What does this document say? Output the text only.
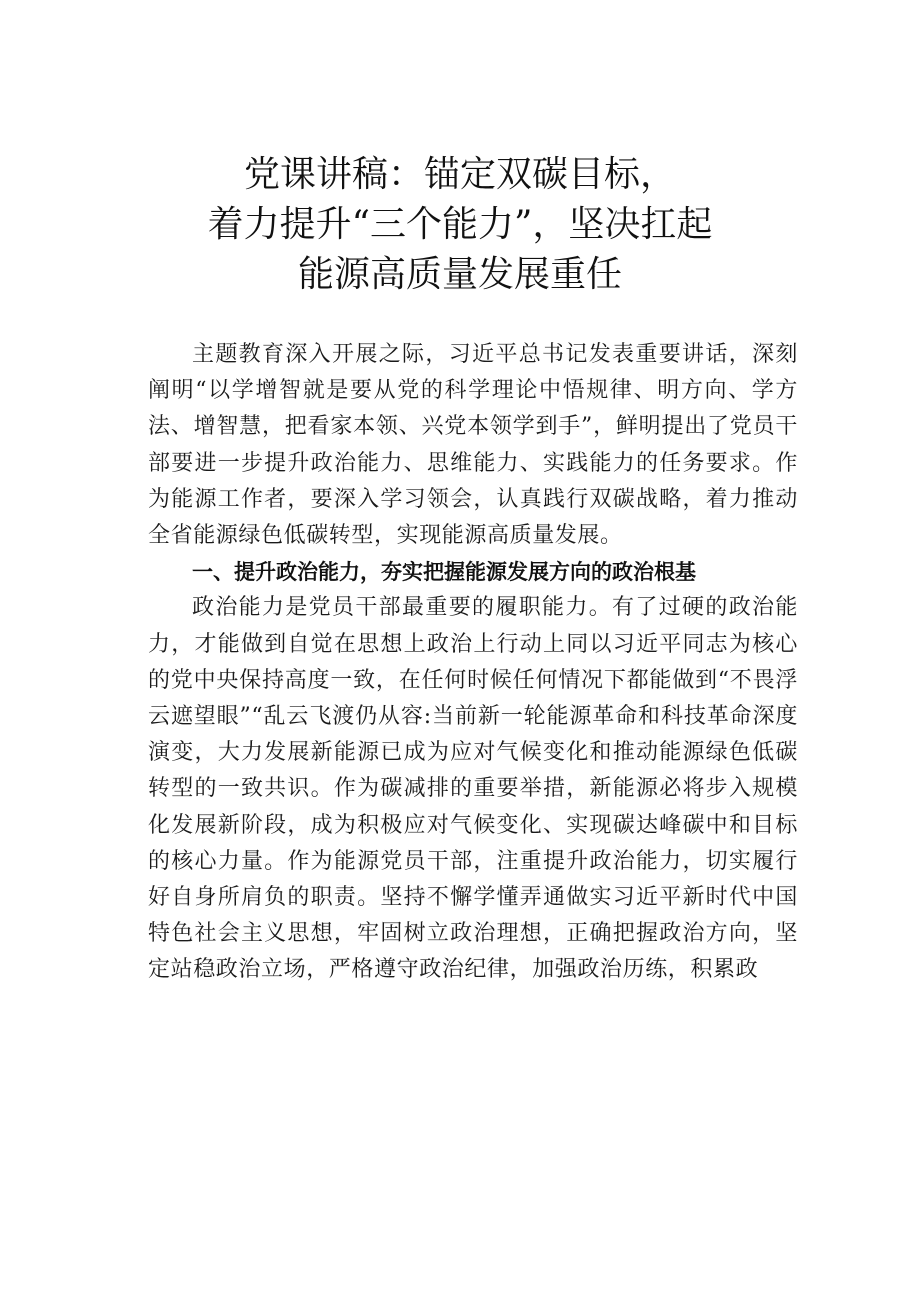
党课讲稿：锚定双碳目标，
着力提升“三个能力”，坚决扛起
能源高质量发展重任

主题教育深入开展之际，习近平总书记发表重要讲话，深刻阐明“以学增智就是要从党的科学理论中悟规律、明方向、学方法、增智慧，把看家本领、兴党本领学到手”，鲜明提出了党员干部要进一步提升政治能力、思维能力、实践能力的任务要求。作为能源工作者，要深入学习领会，认真践行双碳战略，着力推动全省能源绿色低碳转型，实现能源高质量发展。

一、提升政治能力，夯实把握能源发展方向的政治根基

政治能力是党员干部最重要的履职能力。有了过硬的政治能力，才能做到自觉在思想上政治上行动上同以习近平同志为核心的党中央保持高度一致，在任何时候任何情况下都能做到“不畏浮云遮望眼”“乱云飞渡仍从容:当前新一轮能源革命和科技革命深度演变，大力发展新能源已成为应对气候变化和推动能源绿色低碳转型的一致共识。作为碳减排的重要举措，新能源必将步入规模化发展新阶段，成为积极应对气候变化、实现碳达峰碳中和目标的核心力量。作为能源党员干部，注重提升政治能力，切实履行好自身所肩负的职责。坚持不懈学懂弄通做实习近平新时代中国特色社会主义思想，牢固树立政治理想，正确把握政治方向，坚定站稳政治立场，严格遵守政治纪律，加强政治历练，积累政
